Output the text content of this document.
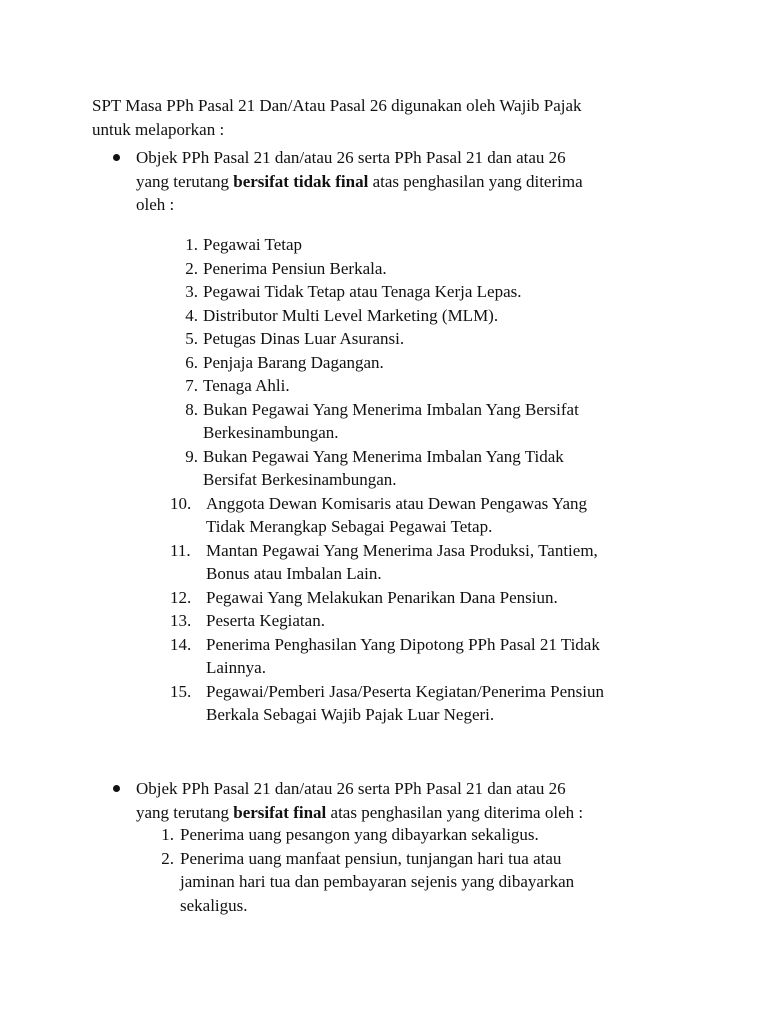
SPT Masa PPh Pasal 21 Dan/Atau Pasal 26 digunakan oleh Wajib Pajak
untuk melaporkan :
Objek PPh Pasal 21 dan/atau 26 serta PPh Pasal 21 dan atau 26
yang terutang bersifat tidak final atas penghasilan yang diterima
oleh :
1. Pegawai Tetap
2. Penerima Pensiun Berkala.
3. Pegawai Tidak Tetap atau Tenaga Kerja Lepas.
4. Distributor Multi Level Marketing (MLM).
5. Petugas Dinas Luar Asuransi.
6. Penjaja Barang Dagangan.
7. Tenaga Ahli.
8. Bukan Pegawai Yang Menerima Imbalan Yang Bersifat
Berkesinambungan.
9. Bukan Pegawai Yang Menerima Imbalan Yang Tidak
Bersifat Berkesinambungan.
10. Anggota Dewan Komisaris atau Dewan Pengawas Yang
Tidak Merangkap Sebagai Pegawai Tetap.
11. Mantan Pegawai Yang Menerima Jasa Produksi, Tantiem,
Bonus atau Imbalan Lain.
12. Pegawai Yang Melakukan Penarikan Dana Pensiun.
13. Peserta Kegiatan.
14. Penerima Penghasilan Yang Dipotong PPh Pasal 21 Tidak
Lainnya.
15. Pegawai/Pemberi Jasa/Peserta Kegiatan/Penerima Pensiun
Berkala Sebagai Wajib Pajak Luar Negeri.
Objek PPh Pasal 21 dan/atau 26 serta PPh Pasal 21 dan atau 26
yang terutang bersifat final atas penghasilan yang diterima oleh :
1. Penerima uang pesangon yang dibayarkan sekaligus.
2. Penerima uang manfaat pensiun, tunjangan hari tua atau
jaminan hari tua dan pembayaran sejenis yang dibayarkan
sekaligus.
